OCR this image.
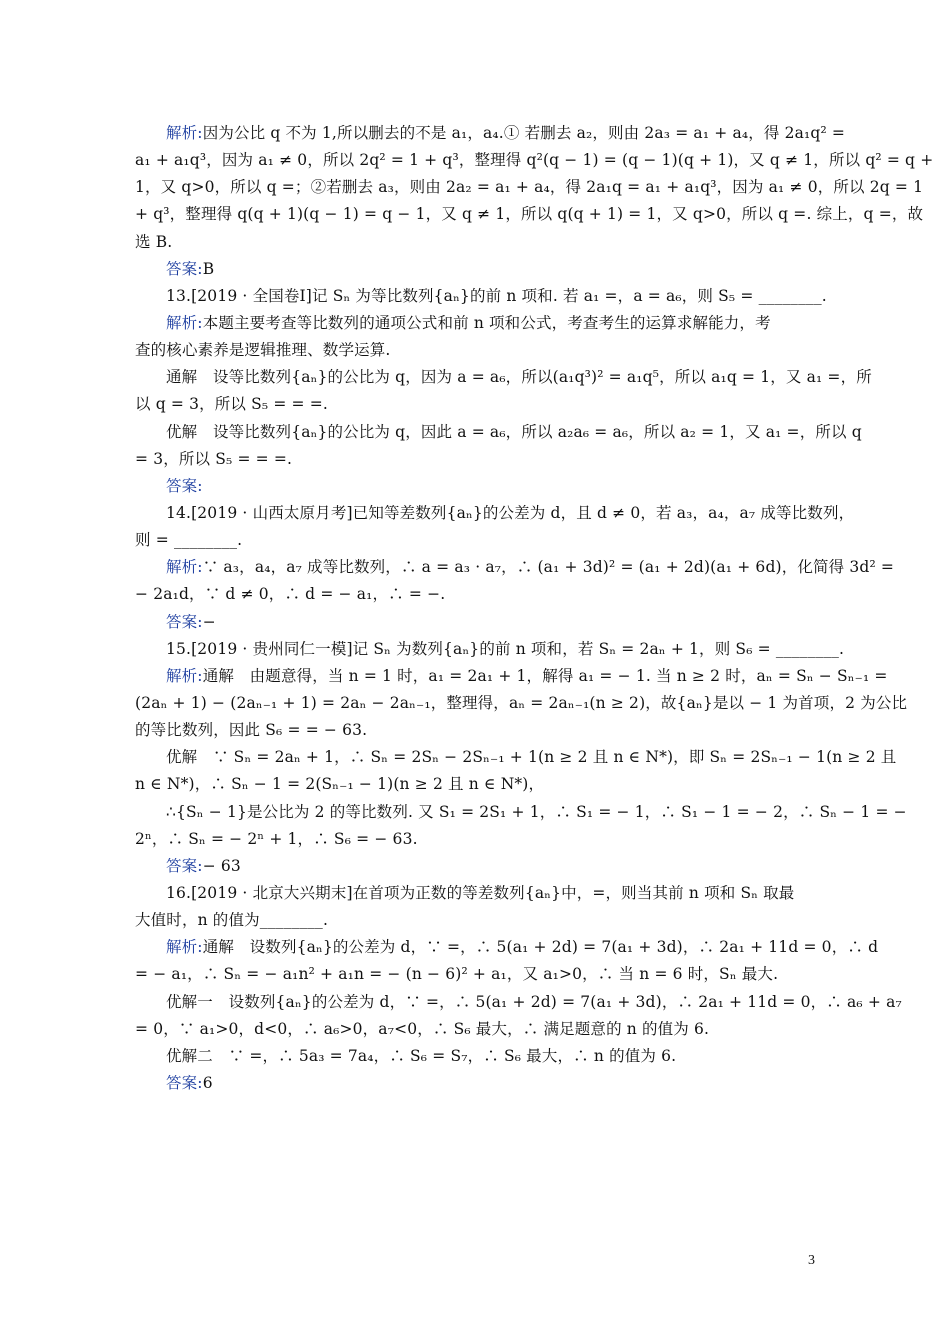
解析:因为公比 q 不为 1,所以删去的不是 a₁，a₄.① 若删去 a₂，则由 2a₃ = a₁ + a₄，得 2a₁q² =
a₁ + a₁q³，因为 a₁ ≠ 0，所以 2q² = 1 + q³，整理得 q²(q − 1) = (q − 1)(q + 1)，又 q ≠ 1，所以 q² = q +
1，又 q>0，所以 q =；②若删去 a₃，则由 2a₂ = a₁ + a₄，得 2a₁q = a₁ + a₁q³，因为 a₁ ≠ 0，所以 2q = 1
+ q³，整理得 q(q + 1)(q − 1) = q − 1，又 q ≠ 1，所以 q(q + 1) = 1，又 q>0，所以 q =. 综上，q =，故
选 B.
答案:B
13.[2019 · 全国卷Ⅰ]记 Sₙ 为等比数列{aₙ}的前 n 项和. 若 a₁ =，a = a₆，则 S₅ = ________.
解析:本题主要考查等比数列的通项公式和前 n 项和公式，考查考生的运算求解能力，考
查的核心素养是逻辑推理、数学运算.
通解　设等比数列{aₙ}的公比为 q，因为 a = a₆，所以(a₁q³)² = a₁q⁵，所以 a₁q = 1，又 a₁ =，所
以 q = 3，所以 S₅ = = =.
优解　设等比数列{aₙ}的公比为 q，因此 a = a₆，所以 a₂a₆ = a₆，所以 a₂ = 1，又 a₁ =，所以 q
= 3，所以 S₅ = = =.
答案:
14.[2019 · 山西太原月考]已知等差数列{aₙ}的公差为 d，且 d ≠ 0，若 a₃，a₄，a₇ 成等比数列，
则 = ________.
解析:∵ a₃，a₄，a₇ 成等比数列，∴ a = a₃ · a₇，∴ (a₁ + 3d)² = (a₁ + 2d)(a₁ + 6d)，化简得 3d² =
− 2a₁d，∵ d ≠ 0，∴ d = − a₁，∴ = −.
答案:−
15.[2019 · 贵州同仁一模]记 Sₙ 为数列{aₙ}的前 n 项和，若 Sₙ = 2aₙ + 1，则 S₆ = ________.
解析:通解　由题意得，当 n = 1 时，a₁ = 2a₁ + 1，解得 a₁ = − 1. 当 n ≥ 2 时，aₙ = Sₙ − Sₙ₋₁ =
(2aₙ + 1) − (2aₙ₋₁ + 1) = 2aₙ − 2aₙ₋₁，整理得，aₙ = 2aₙ₋₁(n ≥ 2)，故{aₙ}是以 − 1 为首项，2 为公比
的等比数列，因此 S₆ = = − 63.
优解　∵ Sₙ = 2aₙ + 1，∴ Sₙ = 2Sₙ − 2Sₙ₋₁ + 1(n ≥ 2 且 n ∈ N*)，即 Sₙ = 2Sₙ₋₁ − 1(n ≥ 2 且
n ∈ N*)，∴ Sₙ − 1 = 2(Sₙ₋₁ − 1)(n ≥ 2 且 n ∈ N*)，
∴{Sₙ − 1}是公比为 2 的等比数列. 又 S₁ = 2S₁ + 1，∴ S₁ = − 1，∴ S₁ − 1 = − 2，∴ Sₙ − 1 = −
2ⁿ，∴ Sₙ = − 2ⁿ + 1，∴ S₆ = − 63.
答案:− 63
16.[2019 · 北京大兴期末]在首项为正数的等差数列{aₙ}中，=，则当其前 n 项和 Sₙ 取最
大值时，n 的值为________.
解析:通解　设数列{aₙ}的公差为 d，∵ =，∴ 5(a₁ + 2d) = 7(a₁ + 3d)，∴ 2a₁ + 11d = 0，∴ d
= − a₁，∴ Sₙ = − a₁n² + a₁n = − (n − 6)² + a₁，又 a₁>0，∴ 当 n = 6 时，Sₙ 最大.
优解一　设数列{aₙ}的公差为 d，∵ =，∴ 5(a₁ + 2d) = 7(a₁ + 3d)，∴ 2a₁ + 11d = 0，∴ a₆ + a₇
= 0，∵ a₁>0，d<0，∴ a₆>0，a₇<0，∴ S₆ 最大，∴ 满足题意的 n 的值为 6.
优解二　∵ =，∴ 5a₃ = 7a₄，∴ S₆ = S₇，∴ S₆ 最大，∴ n 的值为 6.
答案:6
3
